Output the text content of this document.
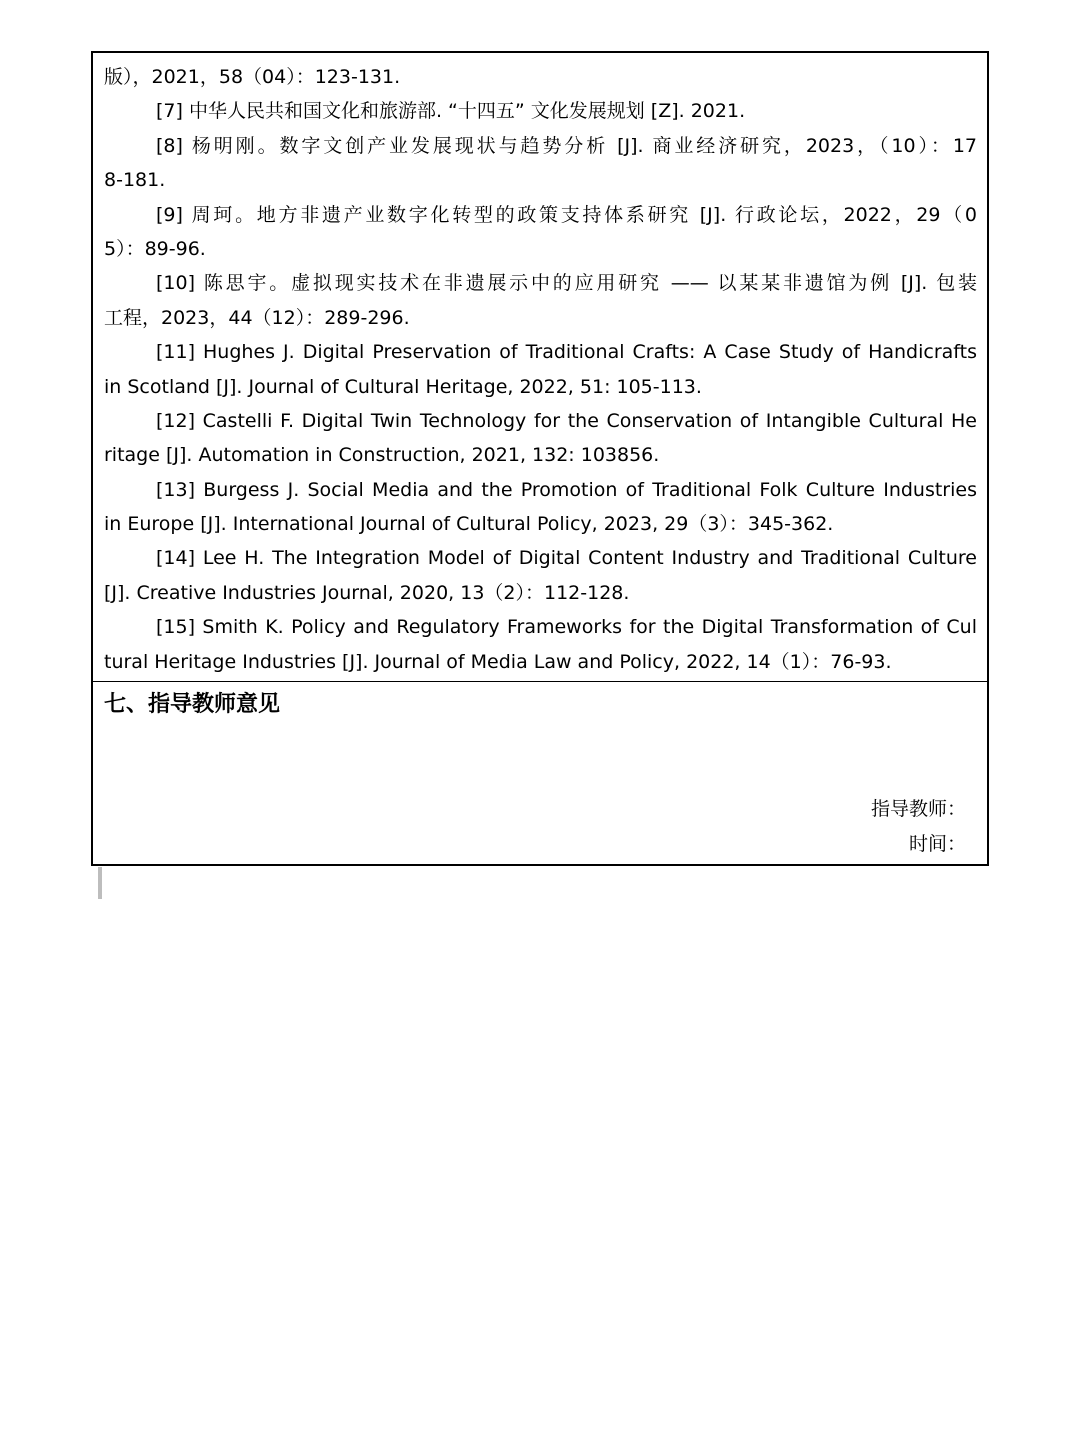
版），2021，58（04）：123-131.
[7] 中华人民共和国文化和旅游部. “十四五” 文化发展规划 [Z]. 2021.
[8] 杨明刚。数字文创产业发展现状与趋势分析 [J]. 商业经济研究，2023，（10）：17
8-181.
[9] 周珂。地方非遗产业数字化转型的政策支持体系研究 [J]. 行政论坛，2022，29（0
5）：89-96.
[10] 陈思宇。虚拟现实技术在非遗展示中的应用研究 —— 以某某非遗馆为例 [J]. 包装
工程，2023，44（12）：289-296.
[11] Hughes J. Digital Preservation of Traditional Crafts: A Case Study of Handicrafts
in Scotland [J]. Journal of Cultural Heritage, 2022, 51: 105-113.
[12] Castelli F. Digital Twin Technology for the Conservation of Intangible Cultural He
ritage [J]. Automation in Construction, 2021, 132: 103856.
[13] Burgess J. Social Media and the Promotion of Traditional Folk Culture Industries
in Europe [J]. International Journal of Cultural Policy, 2023, 29（3）：345-362.
[14] Lee H. The Integration Model of Digital Content Industry and Traditional Culture
[J]. Creative Industries Journal, 2020, 13（2）：112-128.
[15] Smith K. Policy and Regulatory Frameworks for the Digital Transformation of Cul
tural Heritage Industries [J]. Journal of Media Law and Policy, 2022, 14（1）：76-93.
七、指导教师意见
指导教师：
时间：
